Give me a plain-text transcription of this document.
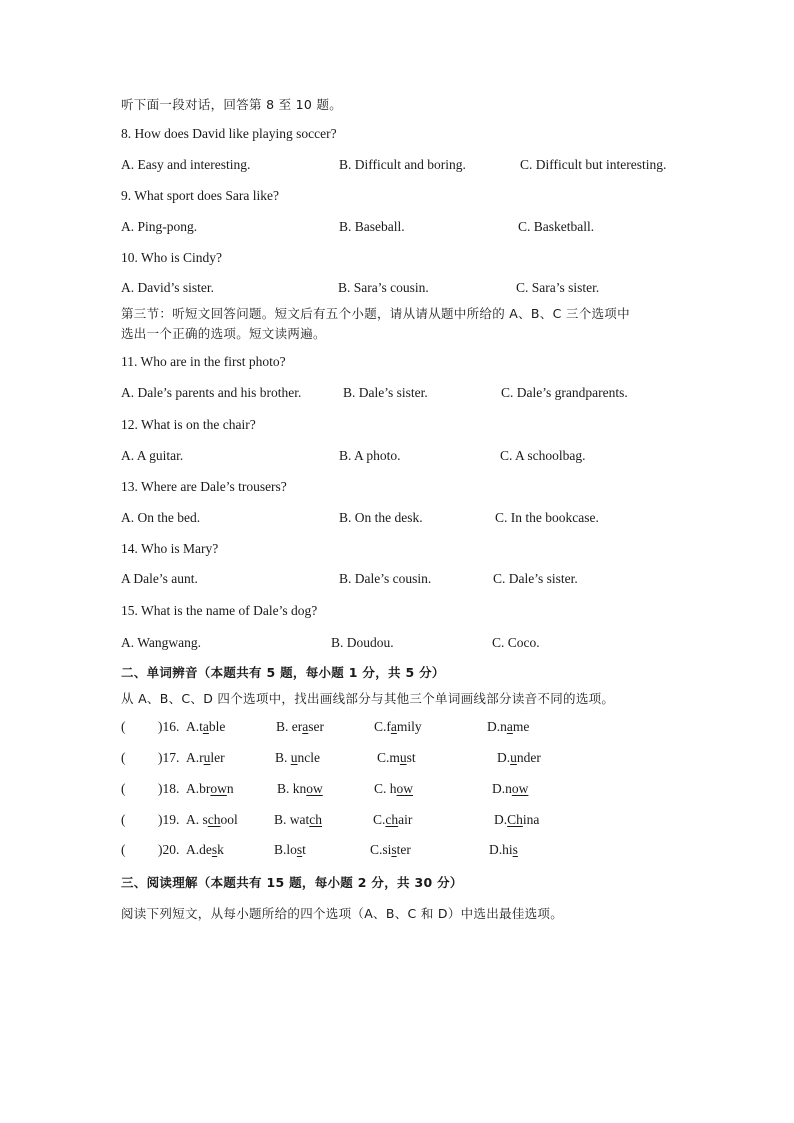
听下面一段对话，回答第 8 至 10 题。
8. How does David like playing soccer?
A. Easy and interesting.	B. Difficult and boring.	C. Difficult but interesting.
9. What sport does Sara like?
A. Ping-pong.	B. Baseball.	C. Basketball.
10. Who is Cindy?
A. David’s sister.	B. Sara’s cousin.	C. Sara’s sister.
第三节：听短文回答问题。短文后有五个小题，请从请从题中所给的 A、B、C 三个选项中
选出一个正确的选项。短文读两遍。
11. Who are in the first photo?
A. Dale’s parents and his brother.	B. Dale’s sister.	C. Dale’s grandparents.
12. What is on the chair?
A. A guitar.	B. A photo.	C. A schoolbag.
13. Where are Dale’s trousers?
A. On the bed.	B. On the desk.	C. In the bookcase.
14. Who is Mary?
A Dale’s aunt.	B. Dale’s cousin.	C. Dale’s sister.
15. What is the name of Dale’s dog?
A. Wangwang.	B. Doudou.	C. Coco.
二、单词辨音（本题共有 5 题，每小题 1 分，共 5 分）
从 A、B、C、D 四个选项中，找出画线部分与其他三个单词画线部分读音不同的选项。
( )16. A.table	B. eraser	C.family	D.name
( )17. A.ruler	B. uncle	C.must	D.under
( )18. A.brown	B. know	C. how	D.now
( )19. A. school	B. watch	C.chair	D.China
( )20. A.desk	B.lost	C.sister	D.his
三、阅读理解（本题共有 15 题，每小题 2 分，共 30 分）
阅读下列短文，从每小题所给的四个选项（A、B、C 和 D）中选出最佳选项。
